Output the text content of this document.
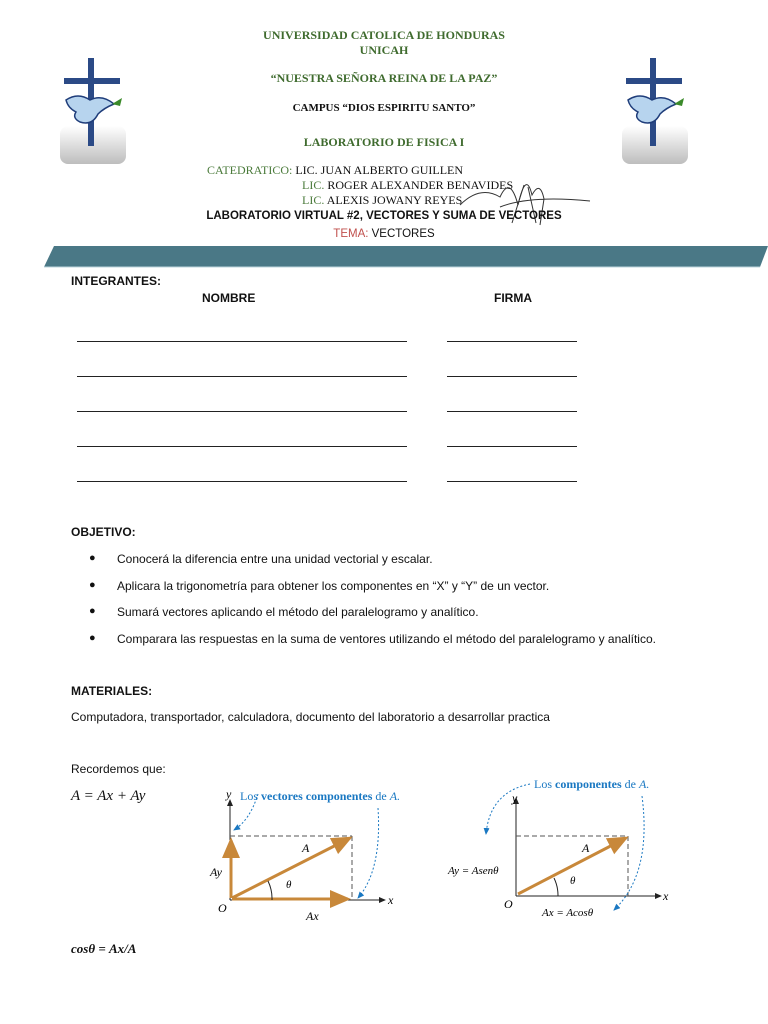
UNIVERSIDAD CATOLICA DE HONDURAS
UNICAH
“NUESTRA SEÑORA REINA DE LA PAZ”
CAMPUS “DIOS ESPIRITU SANTO”
LABORATORIO DE FISICA I
CATEDRATICO: LIC. JUAN ALBERTO GUILLEN
LIC. ROGER ALEXANDER BENAVIDES
LIC. ALEXIS JOWANY REYES
LABORATORIO VIRTUAL #2, VECTORES Y SUMA DE VECTORES
TEMA: VECTORES
INTEGRANTES:
NOMBRE	FIRMA
OBJETIVO:
● Conocerá la diferencia entre una unidad vectorial y escalar.
● Aplicara la trigonometría para obtener los componentes en “X” y “Y” de un vector.
● Sumará vectores aplicando el método del paralelogramo y analítico.
● Comparara las respuestas en la suma de ventores utilizando el método del paralelogramo y analítico.
MATERIALES:
Computadora, transportador, calculadora, documento del laboratorio a desarrollar practica
Recordemos que:
A = Ax + Ay
cosθ = Ax/A
y
x
O
A
Ay
Ax
θ
Los vectores componentes de A.	y
x
O
A
θ
Ay = Asenθ
Ax = Acosθ
Los componentes de A.
